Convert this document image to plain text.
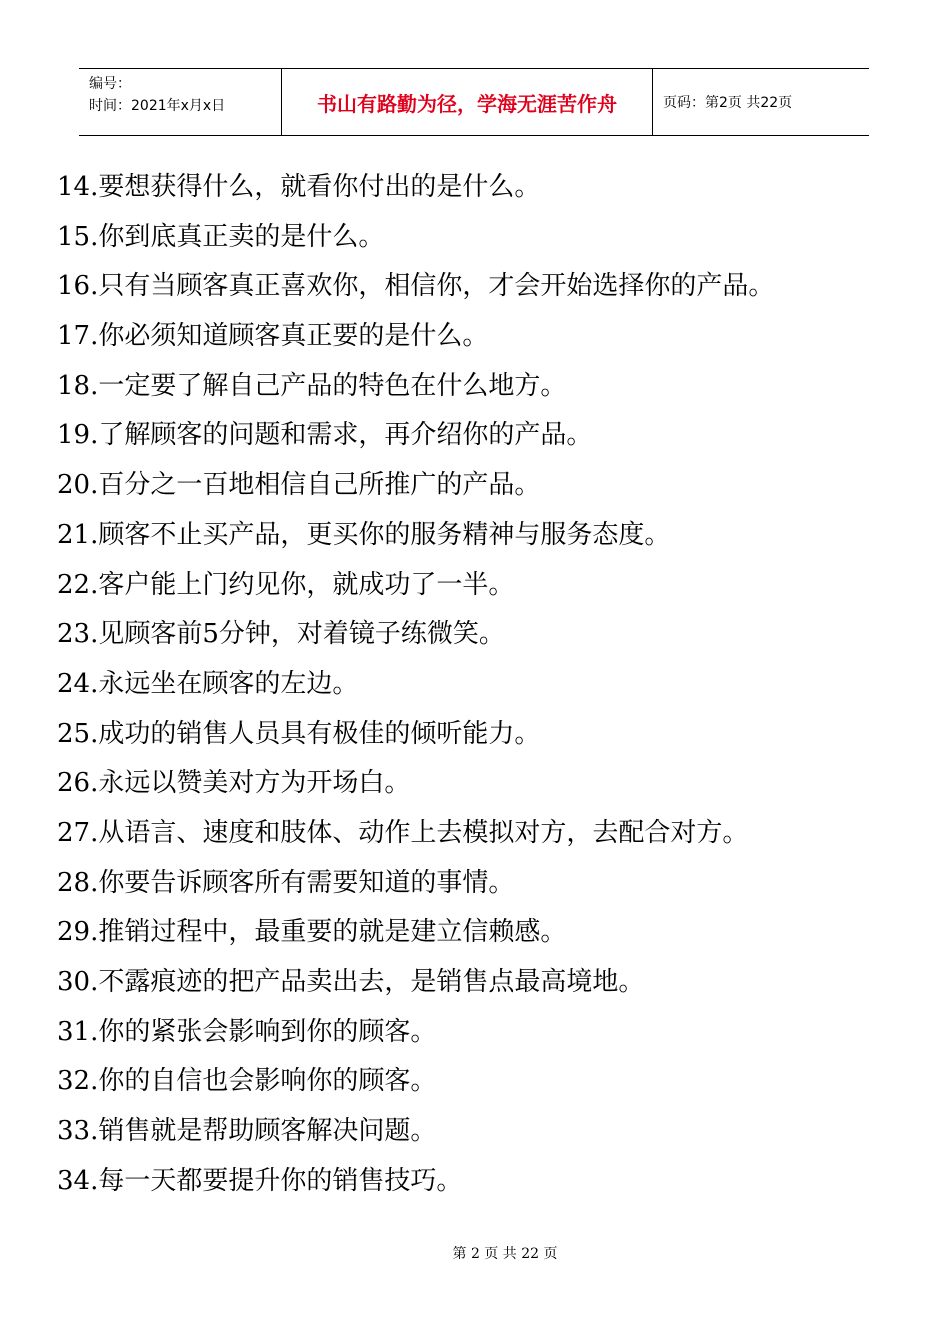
编号：
时间：2021年x月x日	书山有路勤为径，学海无涯苦作舟	页码：第2页 共22页
14.要想获得什么，就看你付出的是什么。
15.你到底真正卖的是什么。
16.只有当顾客真正喜欢你，相信你，才会开始选择你的产品。
17.你必须知道顾客真正要的是什么。
18.一定要了解自己产品的特色在什么地方。
19.了解顾客的问题和需求，再介绍你的产品。
20.百分之一百地相信自己所推广的产品。
21.顾客不止买产品，更买你的服务精神与服务态度。
22.客户能上门约见你，就成功了一半。
23.见顾客前5分钟，对着镜子练微笑。
24.永远坐在顾客的左边。
25.成功的销售人员具有极佳的倾听能力。
26.永远以赞美对方为开场白。
27.从语言、速度和肢体、动作上去模拟对方，去配合对方。
28.你要告诉顾客所有需要知道的事情。
29.推销过程中，最重要的就是建立信赖感。
30.不露痕迹的把产品卖出去，是销售点最高境地。
31.你的紧张会影响到你的顾客。
32.你的自信也会影响你的顾客。
33.销售就是帮助顾客解决问题。
34.每一天都要提升你的销售技巧。
第 2 页 共 22 页
